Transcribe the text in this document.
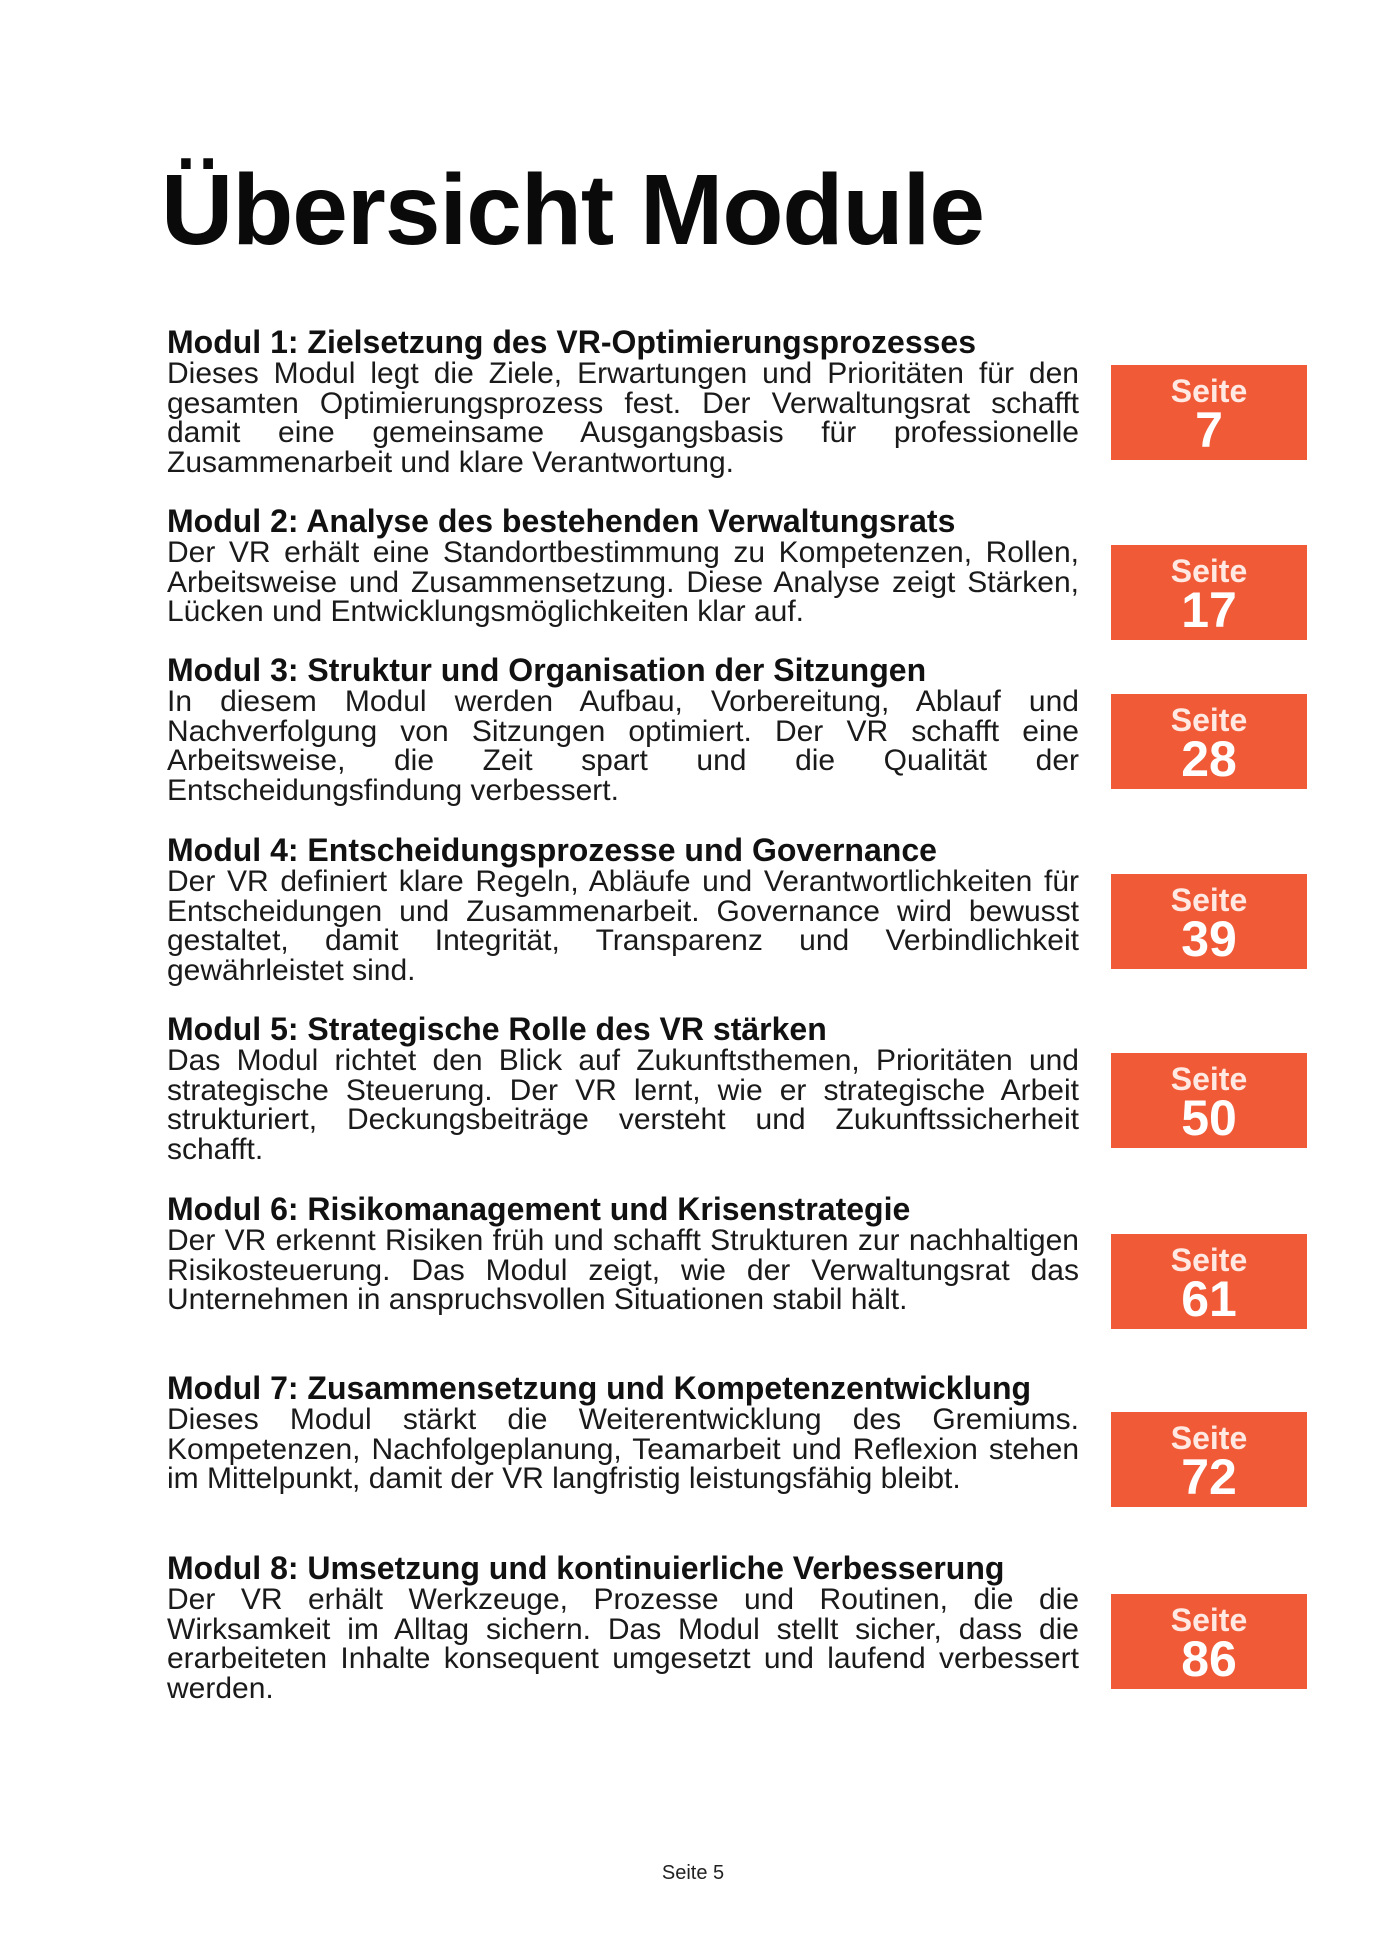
Übersicht Module
Modul 1: Zielsetzung des VR-Optimierungsprozesses

Dieses Modul legt die Ziele, Erwartungen und Prioritäten für den gesamten Optimierungsprozess fest. Der Verwaltungsrat schafft damit eine gemeinsame Ausgangsbasis für professionelle Zusammenarbeit und klare Verantwortung.

Seite
7
Modul 2: Analyse des bestehenden Verwaltungsrats

Der VR erhält eine Standortbestimmung zu Kompetenzen, Rollen, Arbeitsweise und Zusammensetzung. Diese Analyse zeigt Stärken, Lücken und Entwicklungsmöglichkeiten klar auf.

Seite
17
Modul 3: Struktur und Organisation der Sitzungen

In diesem Modul werden Aufbau, Vorbereitung, Ablauf und Nachverfolgung von Sitzungen optimiert. Der VR schafft eine Arbeitsweise, die Zeit spart und die Qualität der Entscheidungsfindung verbessert.

Seite
28
Modul 4: Entscheidungsprozesse und Governance

Der VR definiert klare Regeln, Abläufe und Verantwortlichkeiten für Entscheidungen und Zusammenarbeit. Governance wird bewusst gestaltet, damit Integrität, Transparenz und Verbindlichkeit gewährleistet sind.

Seite
39
Modul 5: Strategische Rolle des VR stärken

Das Modul richtet den Blick auf Zukunftsthemen, Prioritäten und strategische Steuerung. Der VR lernt, wie er strategische Arbeit strukturiert, Deckungsbeiträge versteht und Zukunftssicherheit schafft.

Seite
50
Modul 6: Risikomanagement und Krisenstrategie

Der VR erkennt Risiken früh und schafft Strukturen zur nachhaltigen Risikosteuerung. Das Modul zeigt, wie der Verwaltungsrat das Unternehmen in anspruchsvollen Situationen stabil hält.

Seite
61
Modul 7: Zusammensetzung und Kompetenzentwicklung

Dieses Modul stärkt die Weiterentwicklung des Gremiums. Kompetenzen, Nachfolgeplanung, Teamarbeit und Reflexion stehen im Mittelpunkt, damit der VR langfristig leistungsfähig bleibt.

Seite
72
Modul 8: Umsetzung und kontinuierliche Verbesserung

Der VR erhält Werkzeuge, Prozesse und Routinen, die die Wirksamkeit im Alltag sichern. Das Modul stellt sicher, dass die erarbeiteten Inhalte konsequent umgesetzt und laufend verbessert werden.

Seite
86
Seite 5
